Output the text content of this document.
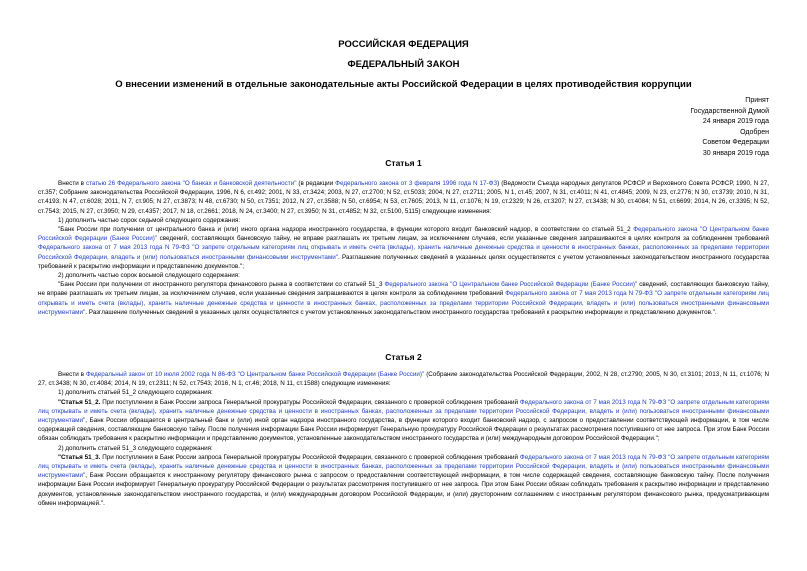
РОССИЙСКАЯ ФЕДЕРАЦИЯ
ФЕДЕРАЛЬНЫЙ ЗАКОН
О внесении изменений в отдельные законодательные акты Российской Федерации в целях противодействия коррупции
Принят
Государственной Думой
24 января 2019 года
Одобрен
Советом Федерации
30 января 2019 года
Статья 1

Внести в статью 26 Федерального закона "О банках и банковской деятельности" (в редакции Федерального закона от 3 февраля 1996 года N 17-ФЗ) (Ведомости Съезда народных депутатов РСФСР и Верховного Совета РСФСР, 1990, N 27, ст.357; Собрание законодательства Российской Федерации, 1996, N 6, ст.492; 2001, N 33, ст.3424; 2003, N 27, ст.2700; N 52, ст.5033; 2004, N 27, ст.2711; 2005, N 1, ст.45; 2007, N 31, ст.4011; N 41, ст.4845; 2009, N 23, ст.2776; N 30, ст.3739; 2010, N 31, ст.4193; N 47, ст.6028; 2011, N 7, ст.905; N 27, ст.3873; N 48, ст.6730; N 50, ст.7351; 2012, N 27, ст.3588; N 50, ст.6954; N 53, ст.7605; 2013, N 11, ст.1076; N 19, ст.2329; N 26, ст.3207; N 27, ст.3438; N 30, ст.4084; N 51, ст.6699; 2014, N 26, ст.3395; N 52, ст.7543; 2015, N 27, ст.3950; N 29, ст.4357; 2017, N 18, ст.2661; 2018, N 24, ст.3400; N 27, ст.3950; N 31, ст.4852; N 32, ст.5100, 5115) следующие изменения:

1) дополнить частью сорок седьмой следующего содержания:

"Банк России при получении от центрального банка и (или) иного органа надзора иностранного государства, в функции которого входит банковский надзор, в соответствии со статьей 51_2 Федерального закона "О Центральном банке Российской Федерации (Банке России)" сведений, составляющих банковскую тайну, не вправе разглашать их третьим лицам, за исключением случаев, если указанные сведения запрашиваются в целях контроля за соблюдением требований Федерального закона от 7 мая 2013 года N 79-ФЗ "О запрете отдельным категориям лиц открывать и иметь счета (вклады), хранить наличные денежные средства и ценности в иностранных банках, расположенных за пределами территории Российской Федерации, владеть и (или) пользоваться иностранными финансовыми инструментами". Разглашение полученных сведений в указанных целях осуществляется с учетом установленных законодательством иностранного государства требований к раскрытию информации и представлению документов.";

2) дополнить частью сорок восьмой следующего содержания:

"Банк России при получении от иностранного регулятора финансового рынка в соответствии со статьей 51_3 Федерального закона "О Центральном банке Российской Федерации (Банке России)" сведений, составляющих банковскую тайну, не вправе разглашать их третьим лицам, за исключением случаев, если указанные сведения запрашиваются в целях контроля за соблюдением требований Федерального закона от 7 мая 2013 года N 79-ФЗ "О запрете отдельным категориям лиц открывать и иметь счета (вклады), хранить наличные денежные средства и ценности в иностранных банках, расположенных за пределами территории Российской Федерации, владеть и (или) пользоваться иностранными финансовыми инструментами". Разглашение полученных сведений в указанных целях осуществляется с учетом установленных законодательством иностранного государства требований к раскрытию информации и представлению документов.".

Статья 2

Внести в Федеральный закон от 10 июля 2002 года N 86-ФЗ "О Центральном банке Российской Федерации (Банке России)" (Собрание законодательства Российской Федерации, 2002, N 28, ст.2790; 2005, N 30, ст.3101; 2013, N 11, ст.1076; N 27, ст.3438; N 30, ст.4084; 2014, N 19, ст.2311; N 52, ст.7543; 2016, N 1, ст.46; 2018, N 11, ст.1588) следующие изменения:

1) дополнить статьей 51_2 следующего содержания:

"Статья 51_2. При поступлении в Банк России запроса Генеральной прокуратуры Российской Федерации, связанного с проверкой соблюдения требований Федерального закона от 7 мая 2013 года N 79-ФЗ "О запрете отдельным категориям лиц открывать и иметь счета (вклады), хранить наличные денежные средства и ценности в иностранных банках, расположенных за пределами территории Российской Федерации, владеть и (или) пользоваться иностранными финансовыми инструментами", Банк России обращается в центральный банк и (или) иной орган надзора иностранного государства, в функции которого входит банковский надзор, с запросом о предоставлении соответствующей информации, в том числе содержащей сведения, составляющие банковскую тайну. После получения информации Банк России информирует Генеральную прокуратуру Российской Федерации о результатах рассмотрения поступившего от нее запроса. При этом Банк России обязан соблюдать требования к раскрытию информации и представлению документов, установленные законодательством иностранного государства и (или) международным договором Российской Федерации.";

2) дополнить статьей 51_3 следующего содержания:

"Статья 51_3. При поступлении в Банк России запроса Генеральной прокуратуры Российской Федерации, связанного с проверкой соблюдения требований Федерального закона от 7 мая 2013 года N 79-ФЗ "О запрете отдельным категориям лиц открывать и иметь счета (вклады), хранить наличные денежные средства и ценности в иностранных банках, расположенных за пределами территории Российской Федерации, владеть и (или) пользоваться иностранными финансовыми инструментами", Банк России обращается к иностранному регулятору финансового рынка с запросом о предоставлении соответствующей информации, в том числе содержащей сведения, составляющие банковскую тайну. После получения информации Банк России информирует Генеральную прокуратуру Российской Федерации о результатах рассмотрения поступившего от нее запроса. При этом Банк России обязан соблюдать требования к раскрытию информации и представлению документов, установленные законодательством иностранного государства, и (или) международным договором Российской Федерации, и (или) двусторонним соглашением с иностранным регулятором финансового рынка, предусматривающим обмен информацией.".
